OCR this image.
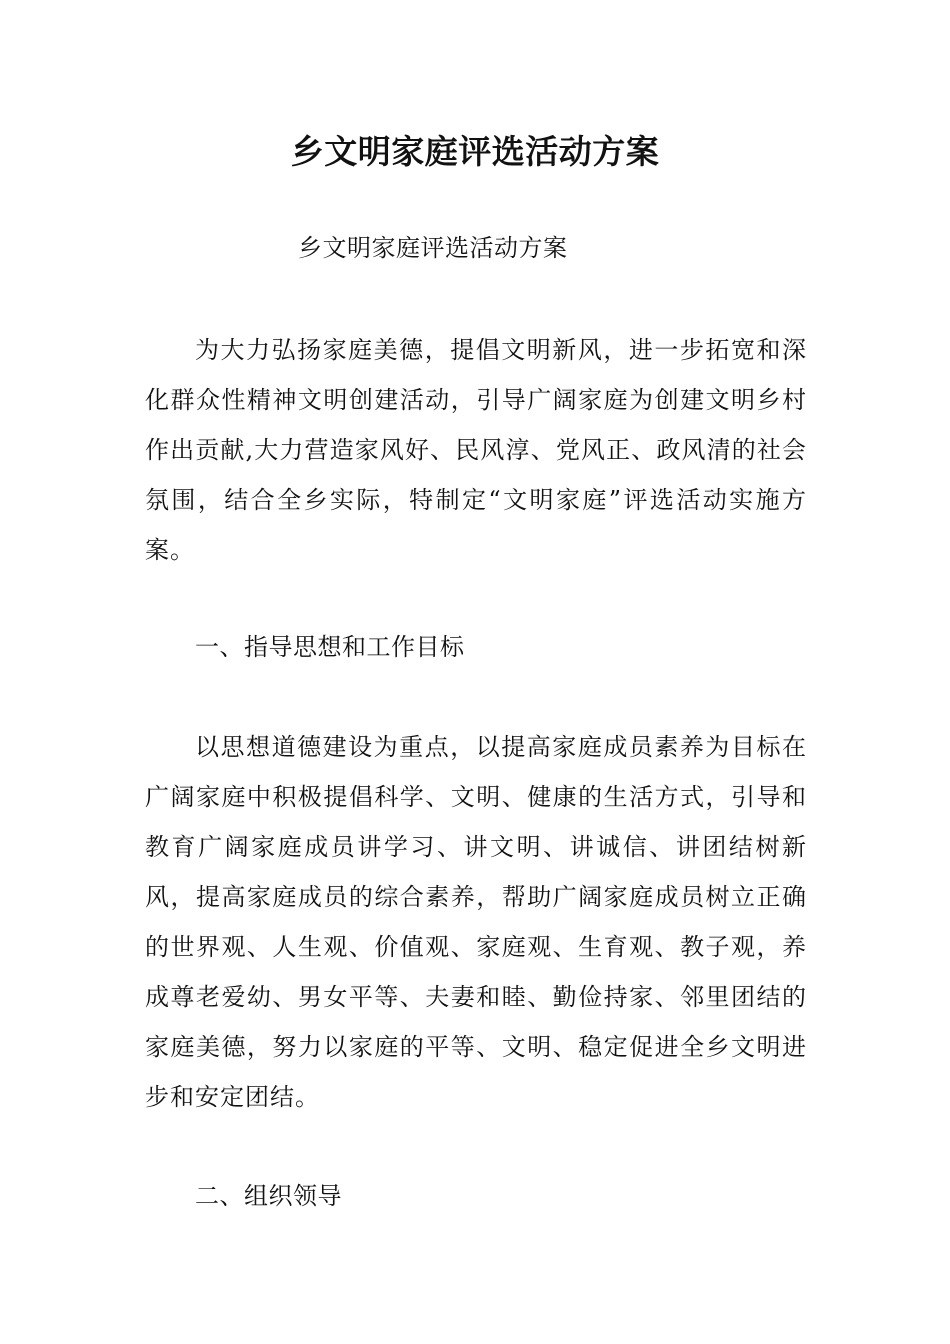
乡文明家庭评选活动方案
乡文明家庭评选活动方案

为大力弘扬家庭美德，提倡文明新风，进一步拓宽和深化群众性精神文明创建活动，引导广阔家庭为创建文明乡村作出贡献,大力营造家风好、民风淳、党风正、政风清的社会氛围，结合全乡实际，特制定“文明家庭”评选活动实施方案。

一、指导思想和工作目标

以思想道德建设为重点，以提高家庭成员素养为目标在广阔家庭中积极提倡科学、文明、健康的生活方式，引导和教育广阔家庭成员讲学习、讲文明、讲诚信、讲团结树新风，提高家庭成员的综合素养，帮助广阔家庭成员树立正确的世界观、人生观、价值观、家庭观、生育观、教子观，养成尊老爱幼、男女平等、夫妻和睦、勤俭持家、邻里团结的家庭美德，努力以家庭的平等、文明、稳定促进全乡文明进步和安定团结。

二、组织领导
